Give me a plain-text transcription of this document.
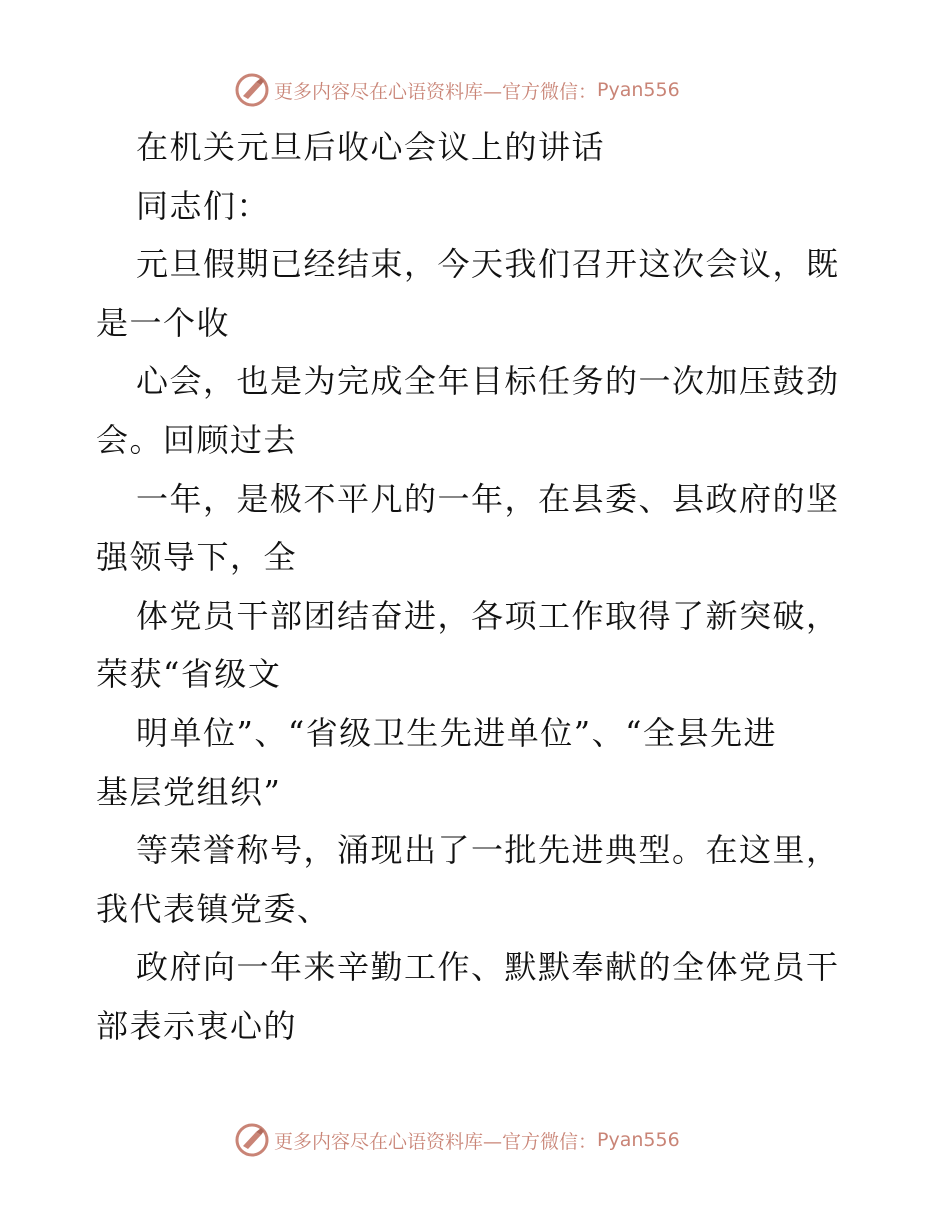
更多内容尽在心语资料库—官方微信： Pyan556
在机关元旦后收心会议上的讲话
同志们：
元旦假期已经结束，今天我们召开这次会议，既
是一个收
心会，也是为完成全年目标任务的一次加压鼓劲
会。回顾过去
一年，是极不平凡的一年，在县委、县政府的坚
强领导下，全
体党员干部团结奋进，各项工作取得了新突破，
荣获“省级文
明单位”、“省级卫生先进单位”、“全县先进
基层党组织”
等荣誉称号，涌现出了一批先进典型。在这里，
我代表镇党委、
政府向一年来辛勤工作、默默奉献的全体党员干
部表示衷心的
更多内容尽在心语资料库—官方微信： Pyan556
